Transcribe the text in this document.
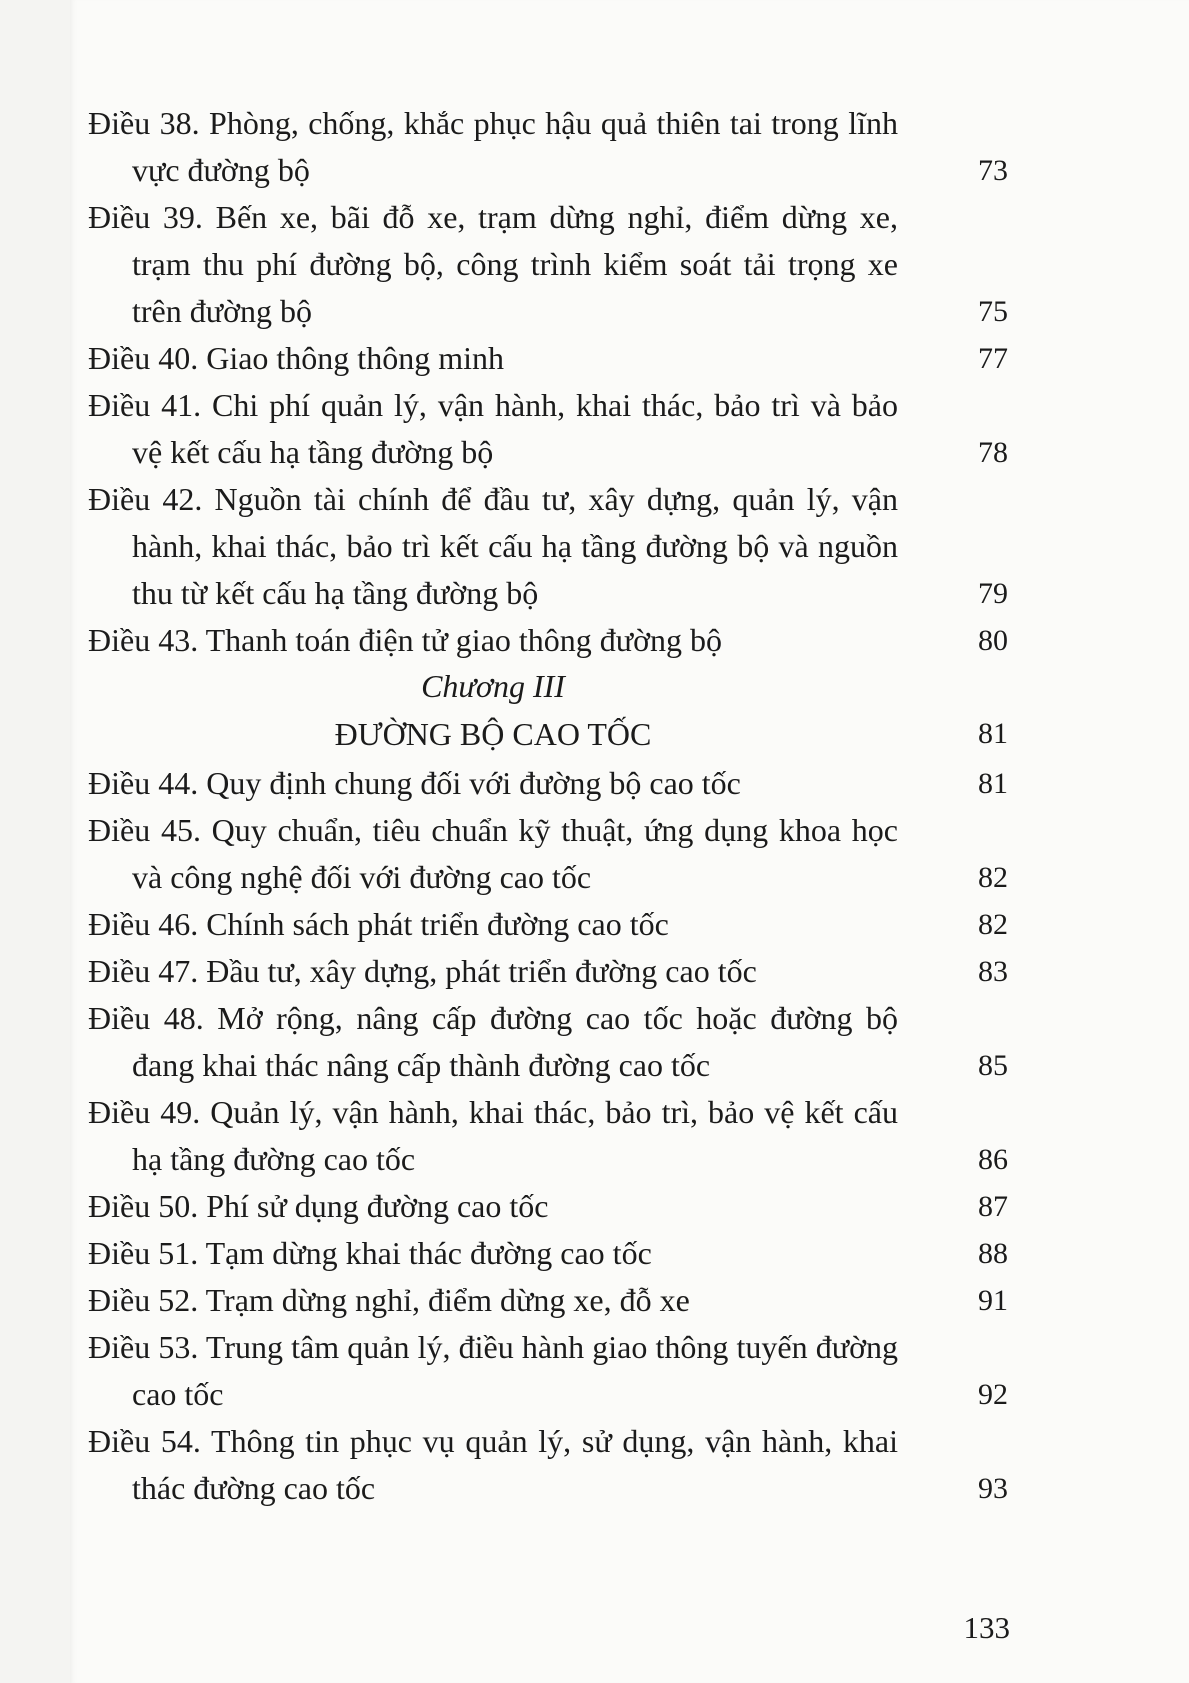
Điều 38. Phòng, chống, khắc phục hậu quả thiên tai trong lĩnh vực đường bộ	73
Điều 39. Bến xe, bãi đỗ xe, trạm dừng nghỉ, điểm dừng xe, trạm thu phí đường bộ, công trình kiểm soát tải trọng xe trên đường bộ	75
Điều 40. Giao thông thông minh	77
Điều 41. Chi phí quản lý, vận hành, khai thác, bảo trì và bảo vệ kết cấu hạ tầng đường bộ	78
Điều 42. Nguồn tài chính để đầu tư, xây dựng, quản lý, vận hành, khai thác, bảo trì kết cấu hạ tầng đường bộ và nguồn thu từ kết cấu hạ tầng đường bộ	79
Điều 43. Thanh toán điện tử giao thông đường bộ	80
Chương III
ĐƯỜNG BỘ CAO TỐC	81
Điều 44. Quy định chung đối với đường bộ cao tốc	81
Điều 45. Quy chuẩn, tiêu chuẩn kỹ thuật, ứng dụng khoa học và công nghệ đối với đường cao tốc	82
Điều 46. Chính sách phát triển đường cao tốc	82
Điều 47. Đầu tư, xây dựng, phát triển đường cao tốc	83
Điều 48. Mở rộng, nâng cấp đường cao tốc hoặc đường bộ đang khai thác nâng cấp thành đường cao tốc	85
Điều 49. Quản lý, vận hành, khai thác, bảo trì, bảo vệ kết cấu hạ tầng đường cao tốc	86
Điều 50. Phí sử dụng đường cao tốc	87
Điều 51. Tạm dừng khai thác đường cao tốc	88
Điều 52. Trạm dừng nghỉ, điểm dừng xe, đỗ xe	91
Điều 53. Trung tâm quản lý, điều hành giao thông tuyến đường cao tốc	92
Điều 54. Thông tin phục vụ quản lý, sử dụng, vận hành, khai thác đường cao tốc	93
133
